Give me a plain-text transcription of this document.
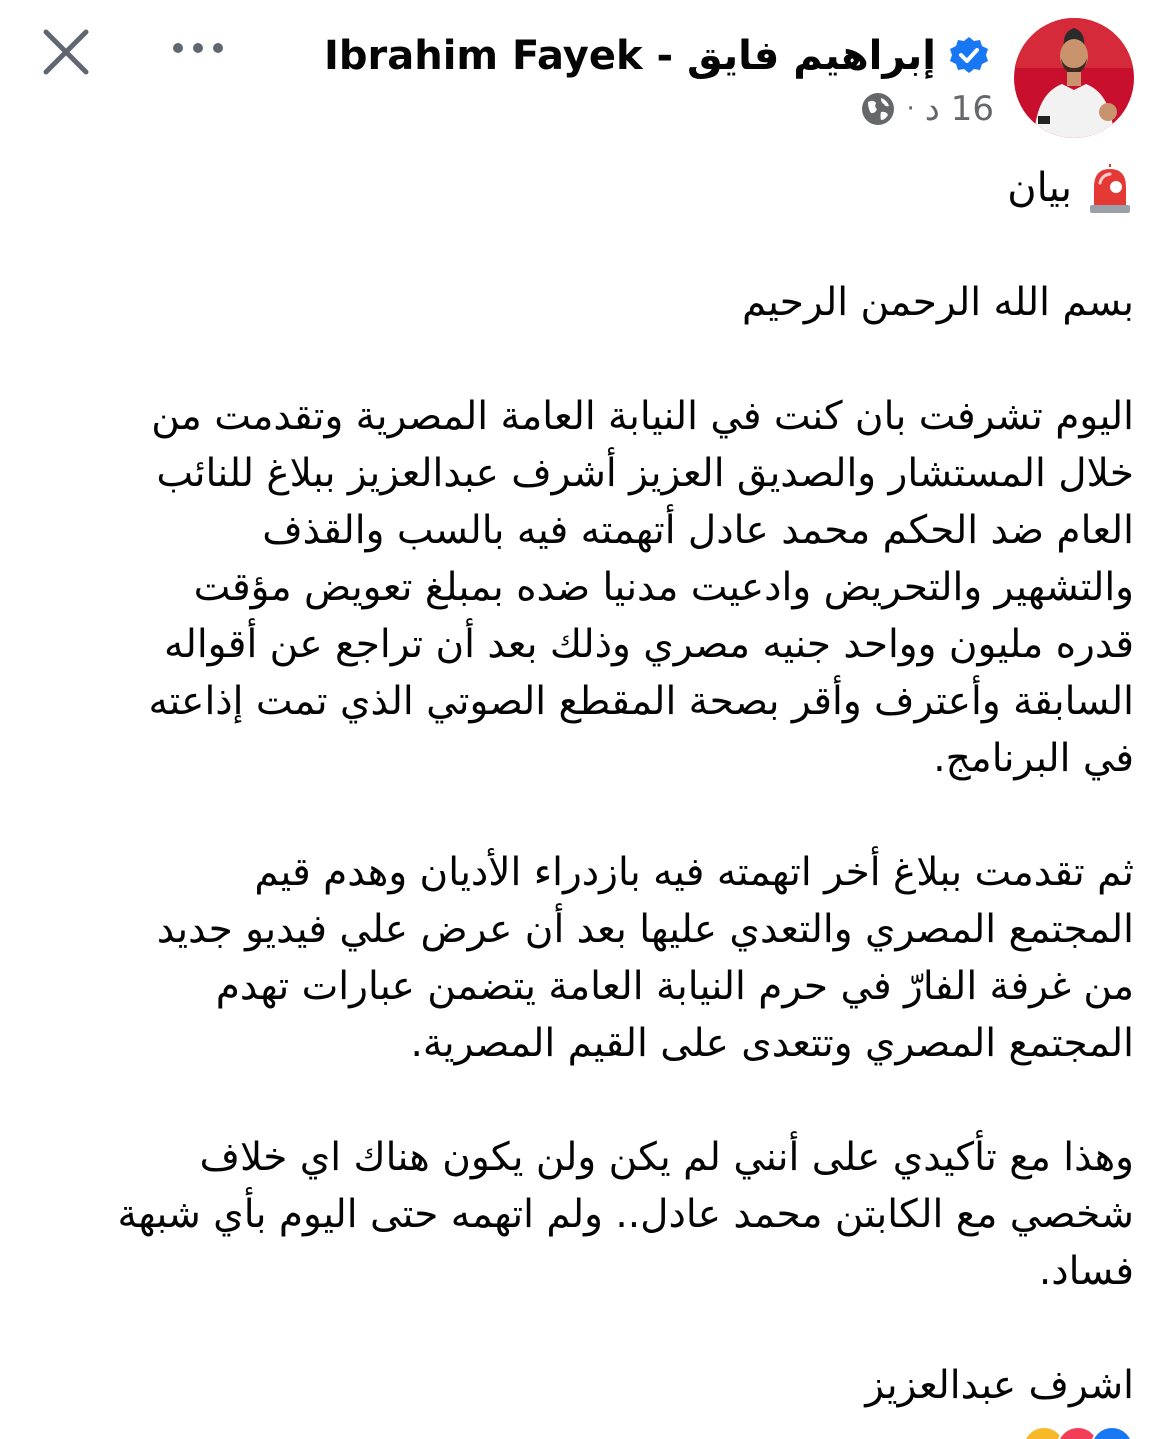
إبراهيم فايق - Ibrahim Fayek
16 د
·
بيان

بسم الله الرحمن الرحيم

اليوم تشرفت بان كنت في النيابة العامة المصرية وتقدمت من
خلال المستشار والصديق العزيز أشرف عبدالعزيز ببلاغ للنائب
العام ضد الحكم محمد عادل أتهمته فيه بالسب والقذف
والتشهير والتحريض وادعيت مدنيا ضده بمبلغ تعويض مؤقت
قدره مليون وواحد جنيه مصري وذلك بعد أن تراجع عن أقواله
السابقة وأعترف وأقر بصحة المقطع الصوتي الذي تمت إذاعته
في البرنامج.

ثم تقدمت ببلاغ أخر اتهمته فيه بازدراء الأديان وهدم قيم
المجتمع المصري والتعدي عليها بعد أن عرض علي فيديو جديد
من غرفة الفارّ في حرم النيابة العامة يتضمن عبارات تهدم
المجتمع المصري وتتعدى على القيم المصرية.

وهذا مع تأكيدي على أنني لم يكن ولن يكون هناك اي خلاف
شخصي مع الكابتن محمد عادل.. ولم اتهمه حتى اليوم بأي شبهة
فساد.

اشرف عبدالعزيز
